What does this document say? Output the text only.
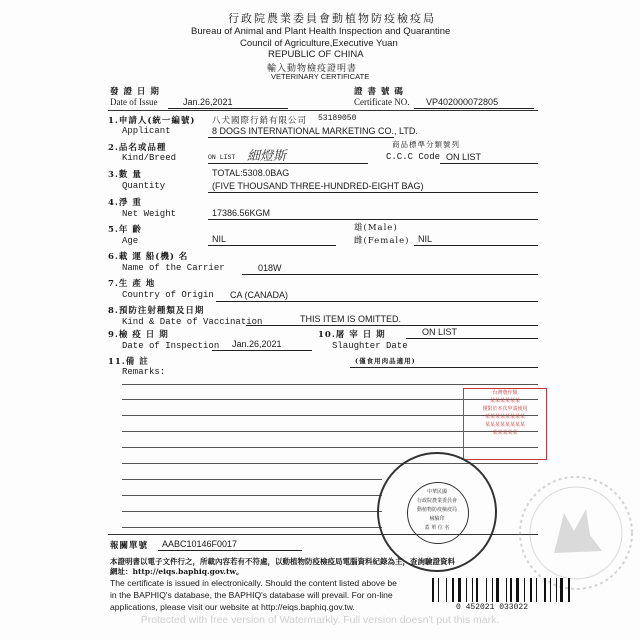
行政院農業委員會動植物防疫檢疫局
Bureau of Animal and Plant Health Inspection and Quarantine
Council of Agriculture,Executive Yuan
REPUBLIC OF CHINA
輸入動物檢疫證明書
VETERINARY CERTIFICATE
發 證 日 期
Date of Issue	Jan.26,2021
證 書 號 碼
Certificate NO. VP402000072805
1.申請人(統一編號) 八犬國際行銷有限公司 53189050
Applicant	8 DOGS INTERNATIONAL MARKETING CO., LTD.
2.品名或品種	商品標準分類號列
Kind/Breed	ON LIST 細燈斯	C.C.C Code ON LIST
3.數 量	TOTAL:5308.0BAG
Quantity	(FIVE THOUSAND THREE-HUNDRED-EIGHT BAG)
4.淨 重
Net Weight	17386.56KGM
5.年 齡	雄(Male)
Age	NIL	雌(Female) NIL
6.載 運 船(機) 名
Name of the Carrier	018W
7.生 產 地
Country of Origin CA (CANADA)
8.預防注射種類及日期
Kind & Date of Vaccination	THIS ITEM IS OMITTED.
9.檢 疫 日 期
Date of Inspection Jan.26,2021
10.屠 宰 日 期
Slaughter Date
ON LIST
11.備 註	(僅食用肉品適用)
Remarks:
台灣農作類
某某某某某某
僅限於本次申請使用
某某某某某某某某
某某某某某某某某
某某某某某
中華民國
行政院農業委員會
動植物防疫檢疫局
檢驗印
蓋 單 位 名
報關單號 AABC10146F0017
本證明書以電子文件行之，所載內容若有不符處，以動植物防疫檢疫局電腦資料紀錄為主，查詢驗證資料
網址：http://eiqs.baphiq.gov.tw。
The certificate is issued in electronically. Should the content listed above be
in the BAPHIQ's database, the BAPHIQ's database will prevail. For on-line
applications, please visit our website at http://eiqs.baphiq.gov.tw.	0 452021 033022
Protected with free version of Watermarkly. Full version doesn't put this mark.
